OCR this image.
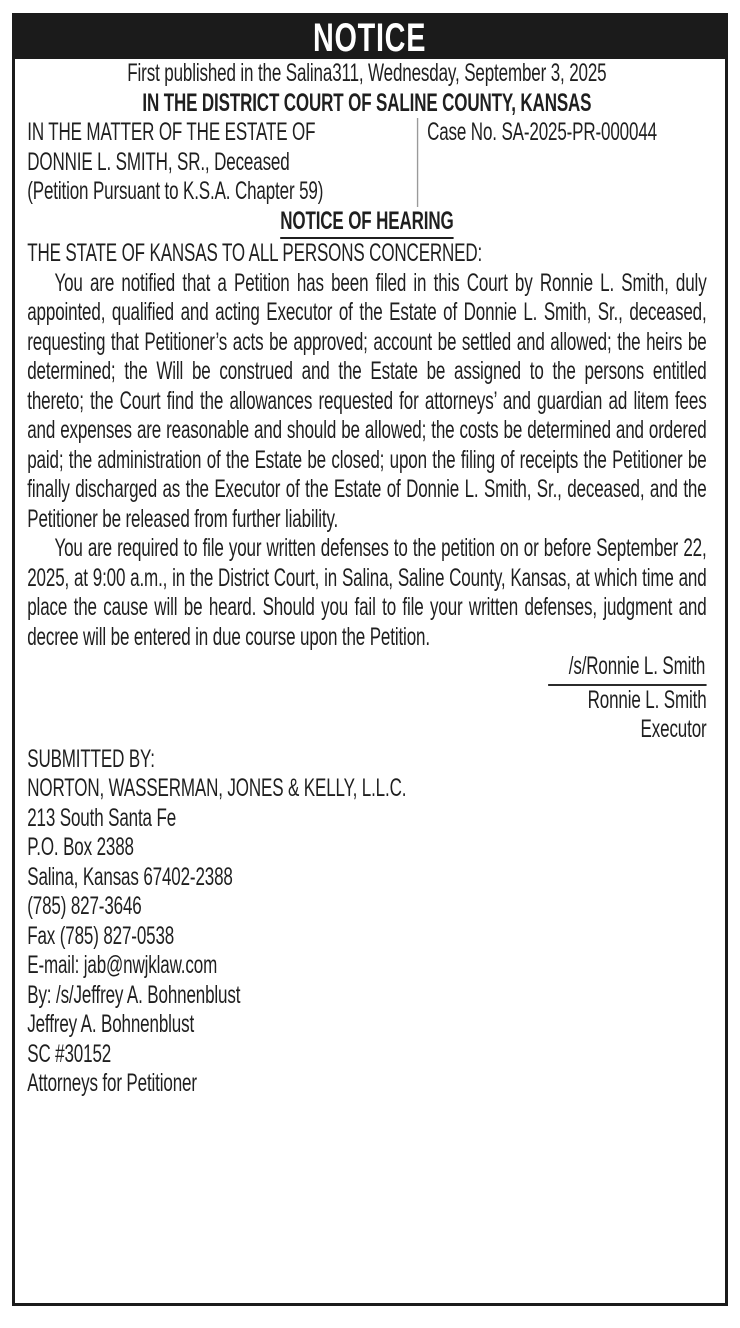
NOTICE

First published in the Salina311, Wednesday, September 3, 2025

IN THE DISTRICT COURT OF SALINE COUNTY, KANSAS

IN THE MATTER OF THE ESTATE OF

DONNIE L. SMITH, SR., Deceased

(Petition Pursuant to K.S.A. Chapter 59)

Case No. SA-2025-PR-000044

NOTICE OF HEARING

THE STATE OF KANSAS TO ALL PERSONS CONCERNED:

You are notified that a Petition has been filed in this Court by Ronnie L. Smith, duly appointed, qualified and acting Executor of the Estate of Donnie L. Smith, Sr., deceased, requesting that Petitioner’s acts be approved; account be settled and allowed; the heirs be determined; the Will be construed and the Estate be assigned to the persons entitled thereto; the Court find the allowances requested for attorneys’ and guardian ad litem fees and expenses are reasonable and should be allowed; the costs be determined and ordered paid; the administration of the Estate be closed; upon the filing of receipts the Petitioner be finally discharged as the Executor of the Estate of Donnie L. Smith, Sr., deceased, and the Petitioner be released from further liability.

You are required to file your written defenses to the petition on or before September 22, 2025, at 9:00 a.m., in the District Court, in Salina, Saline County, Kansas, at which time and place the cause will be heard. Should you fail to file your written defenses, judgment and decree will be entered in due course upon the Petition.

/s/Ronnie L. Smith
Ronnie L. Smith
Executor

SUBMITTED BY:

NORTON, WASSERMAN, JONES & KELLY, L.L.C.
213 South Santa Fe
P.O. Box 2388
Salina, Kansas 67402-2388
(785) 827-3646
Fax (785) 827-0538
E-mail: jab@nwjklaw.com
By: /s/Jeffrey A. Bohnenblust
Jeffrey A. Bohnenblust
SC #30152
Attorneys for Petitioner
